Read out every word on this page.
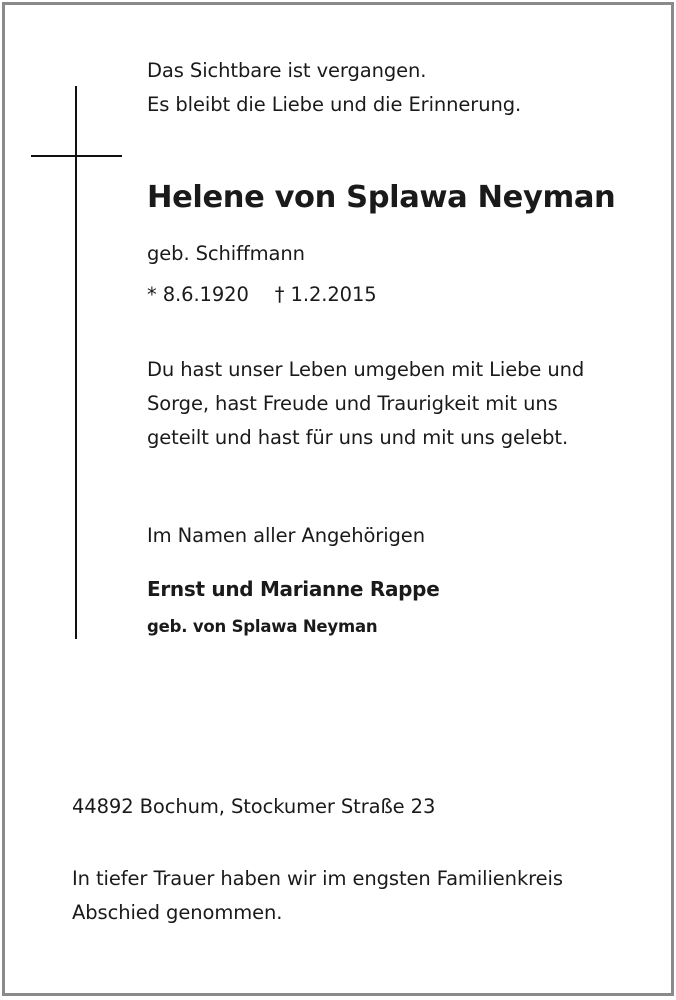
Das Sichtbare ist vergangen.
Es bleibt die Liebe und die Erinnerung.
Helene von Splawa Neyman
geb. Schiffmann
* 8.6.1920 † 1.2.2015
Du hast unser Leben umgeben mit Liebe und
Sorge, hast Freude und Traurigkeit mit uns
geteilt und hast für uns und mit uns gelebt.
Im Namen aller Angehörigen
Ernst und Marianne Rappe
geb. von Splawa Neyman
44892 Bochum, Stockumer Straße 23
In tiefer Trauer haben wir im engsten Familienkreis
Abschied genommen.
